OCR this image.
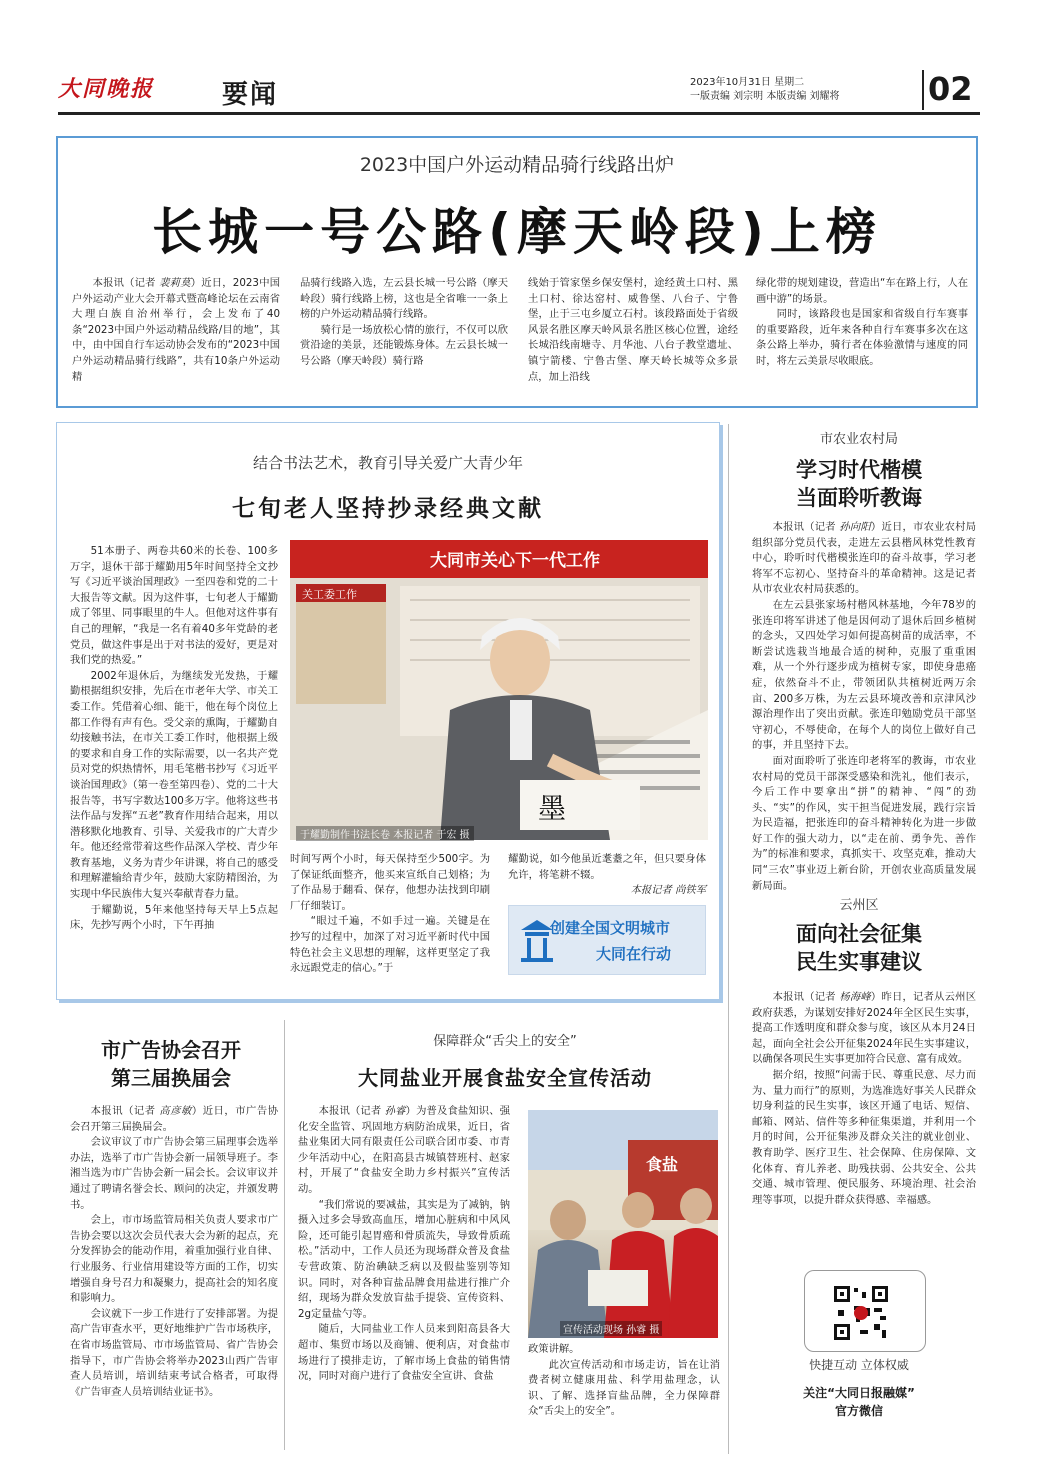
大同晚报	要闻	2023年10月31日 星期二
一版责编 刘宗明 本版责编 刘耀将	02
2023中国户外运动精品骑行线路出炉
长城一号公路(摩天岭段)上榜

本报讯（记者 裴莉莫）近日，2023中国户外运动产业大会开幕式暨高峰论坛在云南省大理白族自治州举行，会上发布了40条“2023中国户外运动精品线路/目的地”，其中，由中国自行车运动协会发布的“2023中国户外运动精品骑行线路”，共有10条户外运动精

品骑行线路入选，左云县长城一号公路（摩天岭段）骑行线路上榜，这也是全省唯一一条上榜的户外运动精品骑行线路。

骑行是一场放松心情的旅行，不仅可以欣赏沿途的美景，还能锻炼身体。左云县长城一号公路（摩天岭段）骑行路

线始于管家堡乡保安堡村，途经黄土口村、黑土口村、徐达窑村、威鲁堡、八台子、宁鲁堡，止于三屯乡厦立石村。该段路面处于省级风景名胜区摩天岭风景名胜区核心位置，途经长城沿线南塘寺、月华池、八台子教堂遗址、镇宁箭楼、宁鲁古堡、摩天岭长城等众多景点，加上沿线

绿化带的规划建设，营造出“车在路上行，人在画中游”的场景。

同时，该路段也是国家和省级自行车赛事的重要路段，近年来各种自行车赛事多次在这条公路上举办，骑行者在体验激情与速度的同时，将左云美景尽收眼底。

结合书法艺术，教育引导关爱广大青少年
七旬老人坚持抄录经典文献

51本册子、两卷共60米的长卷、100多万字，退休干部于耀勤用5年时间坚持全文抄写《习近平谈治国理政》一至四卷和党的二十大报告等文献。因为这件事，七旬老人于耀勤成了邻里、同事眼里的牛人。但他对这件事有自己的理解，“我是一名有着40多年党龄的老党员，做这件事是出于对书法的爱好，更是对我们党的热爱。”

2002年退休后，为继续发光发热，于耀勤根据组织安排，先后在市老年大学、市关工委工作。凭借着心细、能干，他在每个岗位上都工作得有声有色。受父亲的熏陶，于耀勤自幼接触书法，在市关工委工作时，他根据上级的要求和自身工作的实际需要，以一名共产党员对党的炽热情怀，用毛笔楷书抄写《习近平谈治国理政》（第一卷至第四卷）、党的二十大报告等，书写字数达100多万字。他将这些书法作品与发挥“五老”教育作用结合起来，用以潜移默化地教育、引导、关爱我市的广大青少年。他还经常带着这些作品深入学校、青少年教育基地，义务为青少年讲课，将自己的感受和理解灌输给青少年，鼓励大家防精图治，为实现中华民族伟大复兴奉献青春力量。

于耀勤说，5年来他坚持每天早上5点起床，先抄写两个小时，下午再抽

大同市关心下一代工作
关工委工作
墨
于耀勤制作书法长卷 本报记者 于宏 摄

时间写两个小时，每天保持至少500字。为了保证纸面整齐，他买来宣纸自己划格；为了作品易于翻看、保存，他想办法找到印刷厂仔细装订。

“眼过千遍，不如手过一遍。关键是在抄写的过程中，加深了对习近平新时代中国特色社会主义思想的理解，这样更坚定了我永远跟党走的信心。”于

耀勤说，如今他虽近耄耋之年，但只要身体允许，将笔耕不辍。

本报记者 尚铁军

创建全国文明城市
大同在行动
市农业农村局
学习时代楷模
当面聆听教诲

本报讯（记者 孙向阳）近日，市农业农村局组织部分党员代表，走进左云县楷风林党性教育中心，聆听时代楷模张连印的奋斗故事，学习老将军不忘初心、坚持奋斗的革命精神。这是记者从市农业农村局获悉的。

在左云县张家场村楷风林基地，今年78岁的张连印将军讲述了他是因何动了退休后回乡植树的念头，又四处学习如何提高树苗的成活率，不断尝试选栽当地最合适的树种，克服了重重困难，从一个外行逐步成为植树专家，即使身患癌症，依然奋斗不止，带领团队共植树近两万余亩、200多万株，为左云县环境改善和京津风沙源治理作出了突出贡献。张连印勉励党员干部坚守初心，不辱使命，在每个人的岗位上做好自己的事，并且坚持下去。

面对面聆听了张连印老将军的教诲，市农业农村局的党员干部深受感染和洗礼，他们表示，今后工作中要拿出“拼”的精神、“闯”的劲头、“实”的作风，实干担当促进发展，践行宗旨为民造福，把张连印的奋斗精神转化为进一步做好工作的强大动力，以“走在前、勇争先、善作为”的标准和要求，真抓实干、攻坚克难，推动大同“三农”事业迈上新台阶，开创农业高质量发展新局面。

云州区
面向社会征集
民生实事建议

本报讯（记者 杨海峰）昨日，记者从云州区政府获悉，为谋划安排好2024年全区民生实事，提高工作透明度和群众参与度，该区从本月24日起，面向全社会公开征集2024年民生实事建议，以确保各项民生实事更加符合民意、富有成效。

据介绍，按照“问需于民、尊重民意、尽力而为、量力而行”的原则，为选准选好事关人民群众切身利益的民生实事，该区开通了电话、短信、邮箱、网站、信件等多种征集渠道，并利用一个月的时间，公开征集涉及群众关注的就业创业、教育助学、医疗卫生、社会保障、住房保障、文化体育、育儿养老、助残扶弱、公共安全、公共交通、城市管理、便民服务、环境治理、社会治理等事项，以提升群众获得感、幸福感。

快捷互动 立体权威
关注“大同日报融媒”
官方微信
市广告协会召开
第三届换届会

本报讯（记者 高彦敏）近日，市广告协会召开第三届换届会。

会议审议了市广告协会第三届理事会选举办法，选举了市广告协会新一届领导班子。李湘当选为市广告协会新一届会长。会议审议并通过了聘请名誉会长、顾问的决定，并颁发聘书。

会上，市市场监管局相关负责人要求市广告协会要以这次会员代表大会为新的起点，充分发挥协会的能动作用，着重加强行业自律、行业服务、行业信用建设等方面的工作，切实增强自身号召力和凝聚力，提高社会的知名度和影响力。

会议就下一步工作进行了安排部署。为提高广告审查水平，更好地维护广告市场秩序，在省市场监管局、市市场监管局、省广告协会指导下，市广告协会将举办2023山西广告审查人员培训，培训结束考试合格者，可取得《广告审查人员培训结业证书》。

保障群众“舌尖上的安全”
大同盐业开展食盐安全宣传活动

本报讯（记者 孙睿）为普及食盐知识、强化安全监管、巩固地方病防治成果，近日，省盐业集团大同有限责任公司联合团市委、市青少年活动中心，在阳高县古城镇替班村、赵家村，开展了“食盐安全助力乡村振兴”宣传活动。

“我们常说的要减盐，其实是为了减钠，钠摄入过多会导致高血压，增加心脏病和中风风险，还可能引起胃癌和骨质流失，导致骨质疏松。”活动中，工作人员还为现场群众普及食盐专营政策、防治碘缺乏病以及假盐鉴别等知识。同时，对各种盲盐品牌食用盐进行推广介绍，现场为群众发放盲盐手提袋、宣传资料、2g定量盐勺等。

随后，大同盐业工作人员来到阳高县各大超市、集贸市场以及商铺、便利店，对食盐市场进行了摸排走访，了解市场上食盐的销售情况，同时对商户进行了食盐安全宣讲、食盐

食盐
宣传活动现场 孙睿 摄

政策讲解。

此次宣传活动和市场走访，旨在让消费者树立健康用盐、科学用盐理念，认识、了解、选择盲盐品牌，全力保障群众“舌尖上的安全”。
